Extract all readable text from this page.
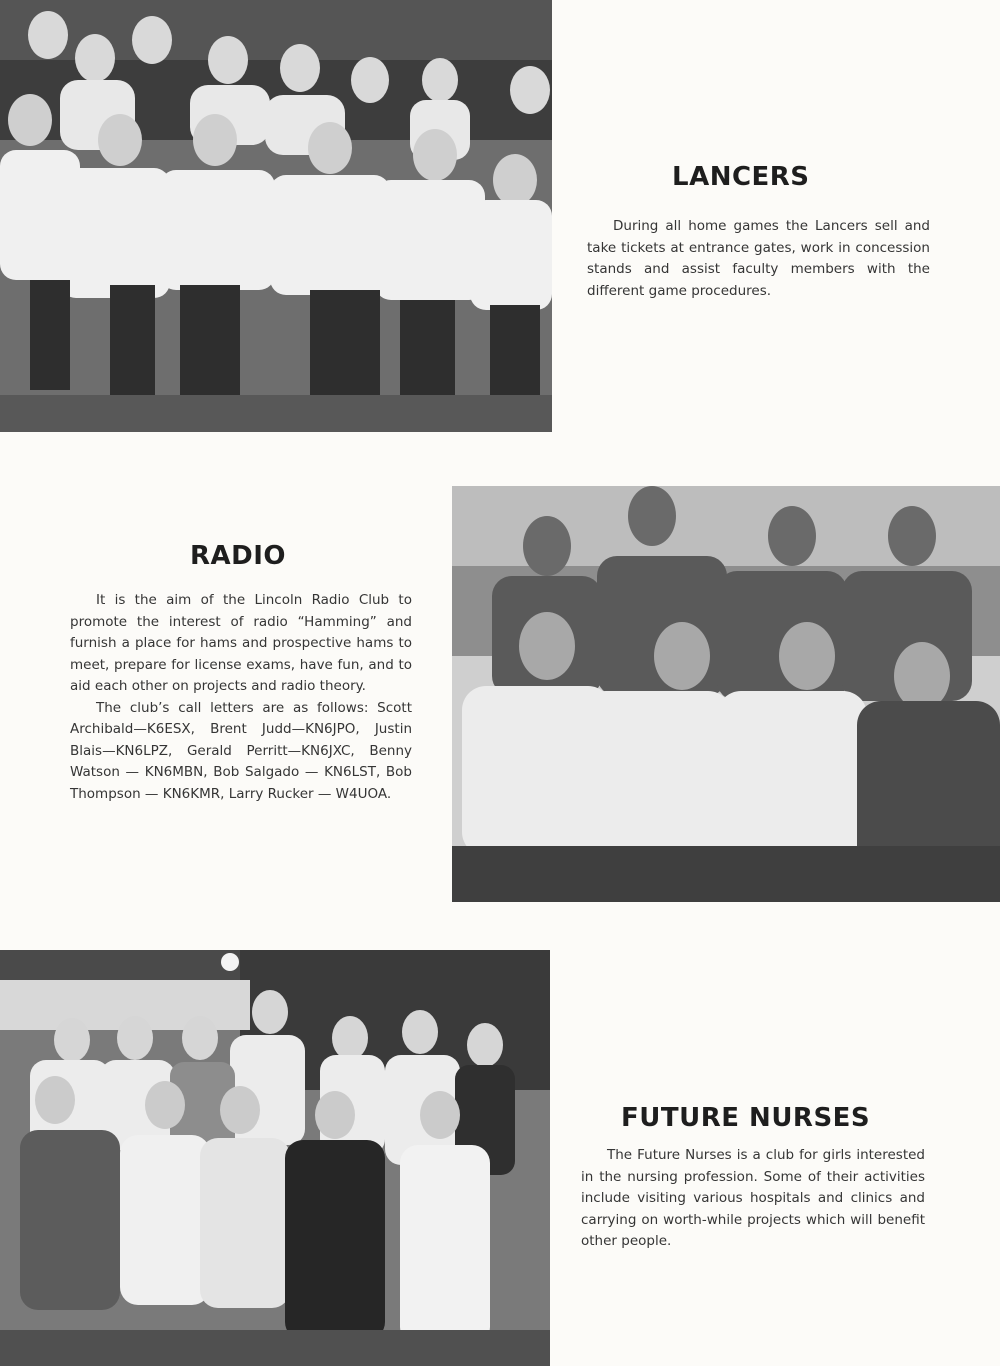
LANCERS

During all home games the Lancers sell and take tickets at entrance gates, work in concession stands and assist faculty members with the different game procedures.

RADIO

It is the aim of the Lincoln Radio Club to promote the interest of radio “Hamming” and furnish a place for hams and prospective hams to meet, prepare for license exams, have fun, and to aid each other on projects and radio theory.

The club’s call letters are as follows: Scott Archibald—K6ESX, Brent Judd—KN6JPO, Justin Blais—KN6LPZ, Gerald Perritt—KN6JXC, Benny Watson — KN6MBN, Bob Salgado — KN6LST, Bob Thompson — KN6KMR, Larry Rucker — W4UOA.

FUTURE NURSES

The Future Nurses is a club for girls interested in the nursing profession. Some of their activities include visiting various hospitals and clinics and carrying on worth-while projects which will benefit other people.
